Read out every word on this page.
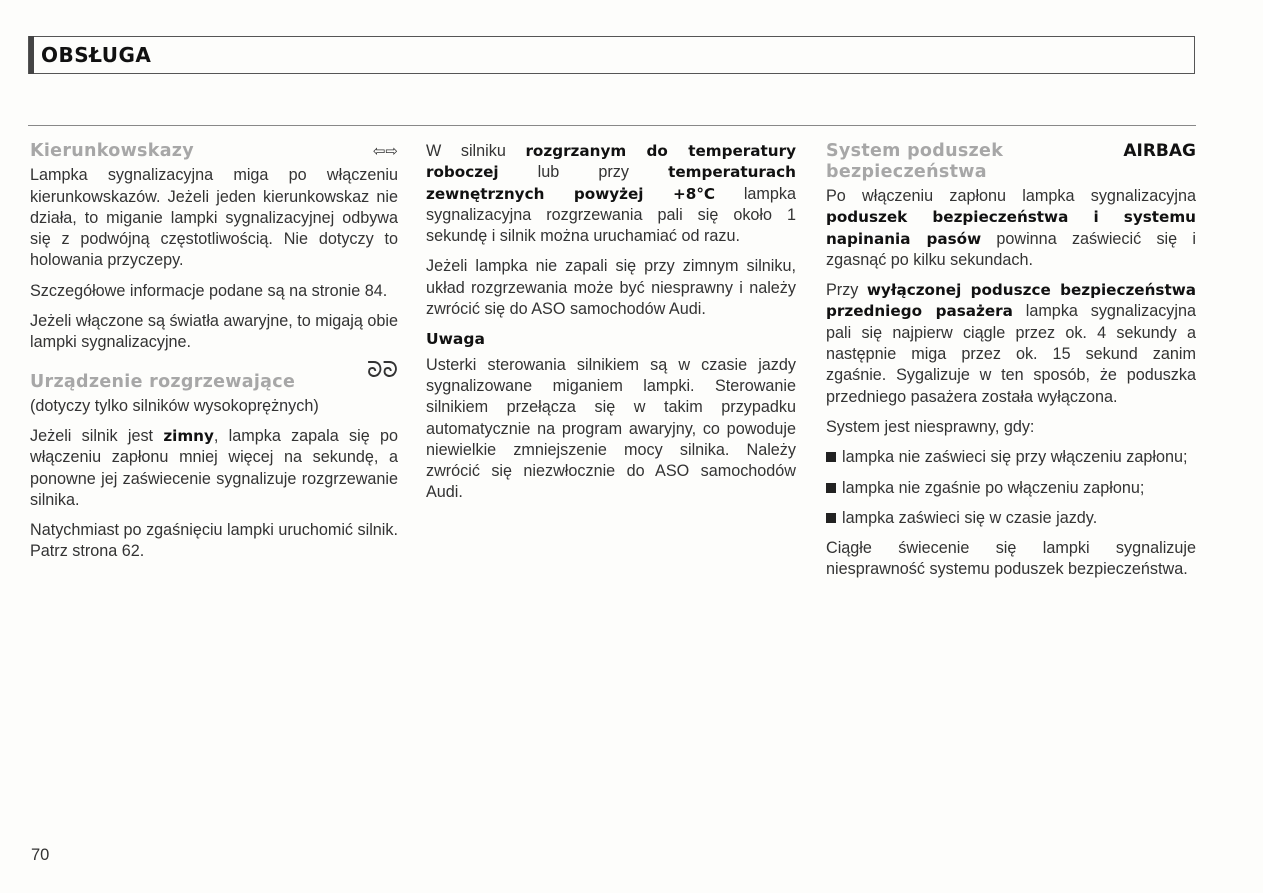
OBSŁUGA
Kierunkowskazy	⇦⇨

Lampka sygnalizacyjna miga po włączeniu kierunkowskazów. Jeżeli jeden kierunkowskaz nie działa, to miganie lampki sygnalizacyjnej odbywa się z podwójną częstotliwością. Nie dotyczy to holowania przyczepy.

Szczegółowe informacje podane są na stronie 84.

Jeżeli włączone są światła awaryjne, to migają obie lampki sygnalizacyjne.

Urządzenie rozgrzewające	ᘐᘐ

(dotyczy tylko silników wysokoprężnych)

Jeżeli silnik jest zimny, lampka zapala się po włączeniu zapłonu mniej więcej na sekundę, a ponowne jej zaświecenie sygnalizuje rozgrzewanie silnika.

Natychmiast po zgaśnięciu lampki uruchomić silnik. Patrz strona 62.

W silniku rozgrzanym do temperatury roboczej lub przy temperaturach zewnętrznych powyżej +8°C lampka sygnalizacyjna rozgrzewania pali się około 1 sekundę i silnik można uruchamiać od razu.

Jeżeli lampka nie zapali się przy zimnym silniku, układ rozgrzewania może być niesprawny i należy zwrócić się do ASO samochodów Audi.

Uwaga

Usterki sterowania silnikiem są w czasie jazdy sygnalizowane miganiem lampki. Sterowanie silnikiem przełącza się w takim przypadku automatycznie na program awaryjny, co powoduje niewielkie zmniejszenie mocy silnika. Należy zwrócić się niezwłocznie do ASO samochodów Audi.

System poduszek
bezpieczeństwa
AIRBAG

Po włączeniu zapłonu lampka sygnalizacyjna poduszek bezpieczeństwa i systemu napinania pasów powinna zaświecić się i zgasnąć po kilku sekundach.

Przy wyłączonej poduszce bezpieczeństwa przedniego pasażera lampka sygnalizacyjna pali się najpierw ciągle przez ok. 4 sekundy a następnie miga przez ok. 15 sekund zanim zgaśnie. Sygalizuje w ten sposób, że poduszka przedniego pasażera została wyłączona.

System jest niesprawny, gdy:

lampka nie zaświeci się przy włączeniu zapłonu;

lampka nie zgaśnie po włączeniu zapłonu;

lampka zaświeci się w czasie jazdy.

Ciągłe świecenie się lampki sygnalizuje niesprawność systemu poduszek bezpieczeństwa.

70
